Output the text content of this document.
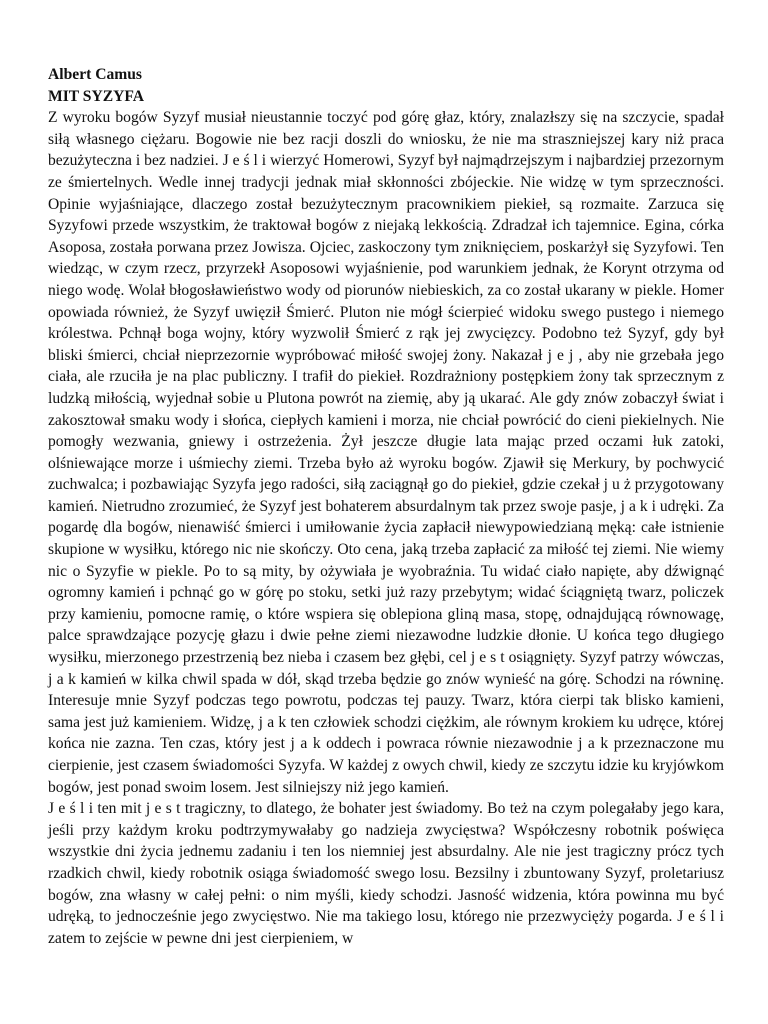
Albert Camus
MIT SYZYFA

Z wyroku bogów Syzyf musiał nieustannie toczyć pod górę głaz, który, znalazłszy się na szczycie, spadał siłą własnego ciężaru. Bogowie nie bez racji doszli do wniosku, że nie ma straszniejszej kary niż praca bezużyteczna i bez nadziei. J e ś l i wierzyć Homerowi, Syzyf był najmądrzejszym i najbardziej przezornym ze śmiertelnych. Wedle innej tradycji jednak miał skłonności zbójeckie. Nie widzę w tym sprzeczności. Opinie wyjaśniające, dlaczego został bezużytecznym pracownikiem piekieł, są rozmaite. Zarzuca się Syzyfowi przede wszystkim, że traktował bogów z niejaką lekkością. Zdradzał ich tajemnice. Egina, córka Asoposa, została porwana przez Jowisza. Ojciec, zaskoczony tym zniknięciem, poskarżył się Syzyfowi. Ten wiedząc, w czym rzecz, przyrzekł Asoposowi wyjaśnienie, pod warunkiem jednak, że Korynt otrzyma od niego wodę. Wolał błogosławieństwo wody od piorunów niebieskich, za co został ukarany w piekle. Homer opowiada również, że Syzyf uwięził Śmierć. Pluton nie mógł ścierpieć widoku swego pustego i niemego królestwa. Pchnął boga wojny, który wyzwolił Śmierć z rąk jej zwycięzcy. Podobno też Syzyf, gdy był bliski śmierci, chciał nieprzezornie wypróbować miłość swojej żony. Nakazał j e j , aby nie grzebała jego ciała, ale rzuciła je na plac publiczny. I trafił do piekieł. Rozdrażniony postępkiem żony tak sprzecznym z ludzką miłością, wyjednał sobie u Plutona powrót na ziemię, aby ją ukarać. Ale gdy znów zobaczył świat i zakosztował smaku wody i słońca, ciepłych kamieni i morza, nie chciał powrócić do cieni piekielnych. Nie pomogły wezwania, gniewy i ostrzeżenia. Żył jeszcze długie lata mając przed oczami łuk zatoki, olśniewające morze i uśmiechy ziemi. Trzeba było aż wyroku bogów. Zjawił się Merkury, by pochwycić zuchwalca; i pozbawiając Syzyfa jego radości, siłą zaciągnął go do piekieł, gdzie czekał j u ż przygotowany kamień. Nietrudno zrozumieć, że Syzyf jest bohaterem absurdalnym tak przez swoje pasje, j a k i udręki. Za pogardę dla bogów, nienawiść śmierci i umiłowanie życia zapłacił niewypowiedzianą męką: całe istnienie skupione w wysiłku, którego nic nie skończy. Oto cena, jaką trzeba zapłacić za miłość tej ziemi. Nie wiemy nic o Syzyfie w piekle. Po to są mity, by ożywiała je wyobraźnia. Tu widać ciało napięte, aby dźwignąć ogromny kamień i pchnąć go w górę po stoku, setki już razy przebytym; widać ściągniętą twarz, policzek przy kamieniu, pomocne ramię, o które wspiera się oblepiona gliną masa, stopę, odnajdującą równowagę, palce sprawdzające pozycję głazu i dwie pełne ziemi niezawodne ludzkie dłonie. U końca tego długiego wysiłku, mierzonego przestrzenią bez nieba i czasem bez głębi, cel j e s t osiągnięty. Syzyf patrzy wówczas, j a k kamień w kilka chwil spada w dół, skąd trzeba będzie go znów wynieść na górę. Schodzi na równinę. Interesuje mnie Syzyf podczas tego powrotu, podczas tej pauzy. Twarz, która cierpi tak blisko kamieni, sama jest już kamieniem. Widzę, j a k ten człowiek schodzi ciężkim, ale równym krokiem ku udręce, której końca nie zazna. Ten czas, który jest j a k oddech i powraca równie niezawodnie j a k przeznaczone mu cierpienie, jest czasem świadomości Syzyfa. W każdej z owych chwil, kiedy ze szczytu idzie ku kryjówkom bogów, jest ponad swoim losem. Jest silniejszy niż jego kamień.

J e ś l i ten mit j e s t tragiczny, to dlatego, że bohater jest świadomy. Bo też na czym polegałaby jego kara, jeśli przy każdym kroku podtrzymywałaby go nadzieja zwycięstwa? Współczesny robotnik poświęca wszystkie dni życia jednemu zadaniu i ten los niemniej jest absurdalny. Ale nie jest tragiczny prócz tych rzadkich chwil, kiedy robotnik osiąga świadomość swego losu. Bezsilny i zbuntowany Syzyf, proletariusz bogów, zna własny w całej pełni: o nim myśli, kiedy schodzi. Jasność widzenia, która powinna mu być udręką, to jednocześnie jego zwycięstwo. Nie ma takiego losu, którego nie przezwycięży pogarda. J e ś l i zatem to zejście w pewne dni jest cierpieniem, w
